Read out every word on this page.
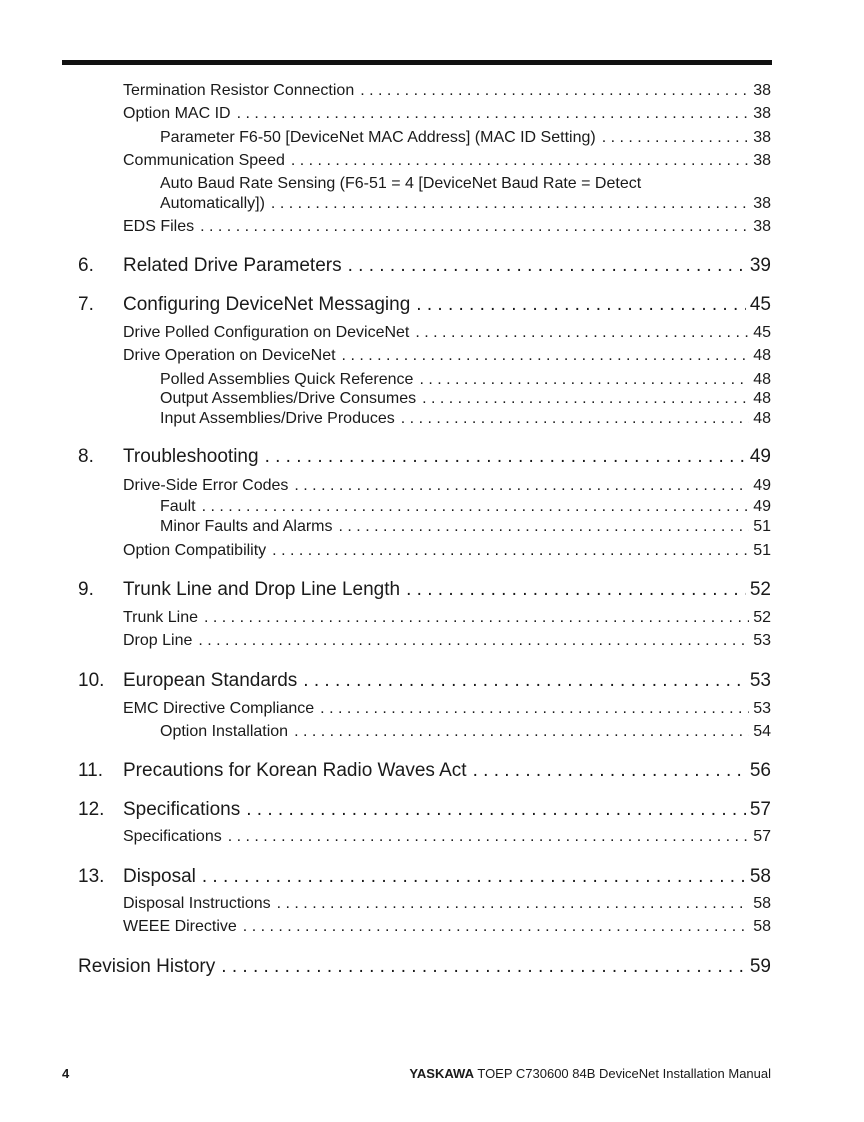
Termination Resistor Connection . . .	38
Option MAC ID . . .	38
Parameter F6-50 [DeviceNet MAC Address] (MAC ID Setting) . . .	38
Communication Speed . . .	38
Auto Baud Rate Sensing (F6-51 = 4 [DeviceNet Baud Rate = Detect
Automatically]) . . .	38
EDS Files . . .	38
6. Related Drive Parameters . . .	39
7. Configuring DeviceNet Messaging . . .	45
Drive Polled Configuration on DeviceNet . . .	45
Drive Operation on DeviceNet . . .	48
Polled Assemblies Quick Reference . . .	48
Output Assemblies/Drive Consumes . . .	48
Input Assemblies/Drive Produces . . .	48
8. Troubleshooting . . .	49
Drive-Side Error Codes . . .	49
Fault . . .	49
Minor Faults and Alarms . . .	51
Option Compatibility . . .	51
9. Trunk Line and Drop Line Length . . .	52
Trunk Line . . .	52
Drop Line . . .	53
10. European Standards . . .	53
EMC Directive Compliance . . .	53
Option Installation . . .	54
11. Precautions for Korean Radio Waves Act . . .	56
12. Specifications . . .	57
Specifications . . .	57
13. Disposal . . .	58
Disposal Instructions . . .	58
WEEE Directive . . .	58
Revision History . . .	59
4	YASKAWA TOEP C730600 84B DeviceNet Installation Manual
